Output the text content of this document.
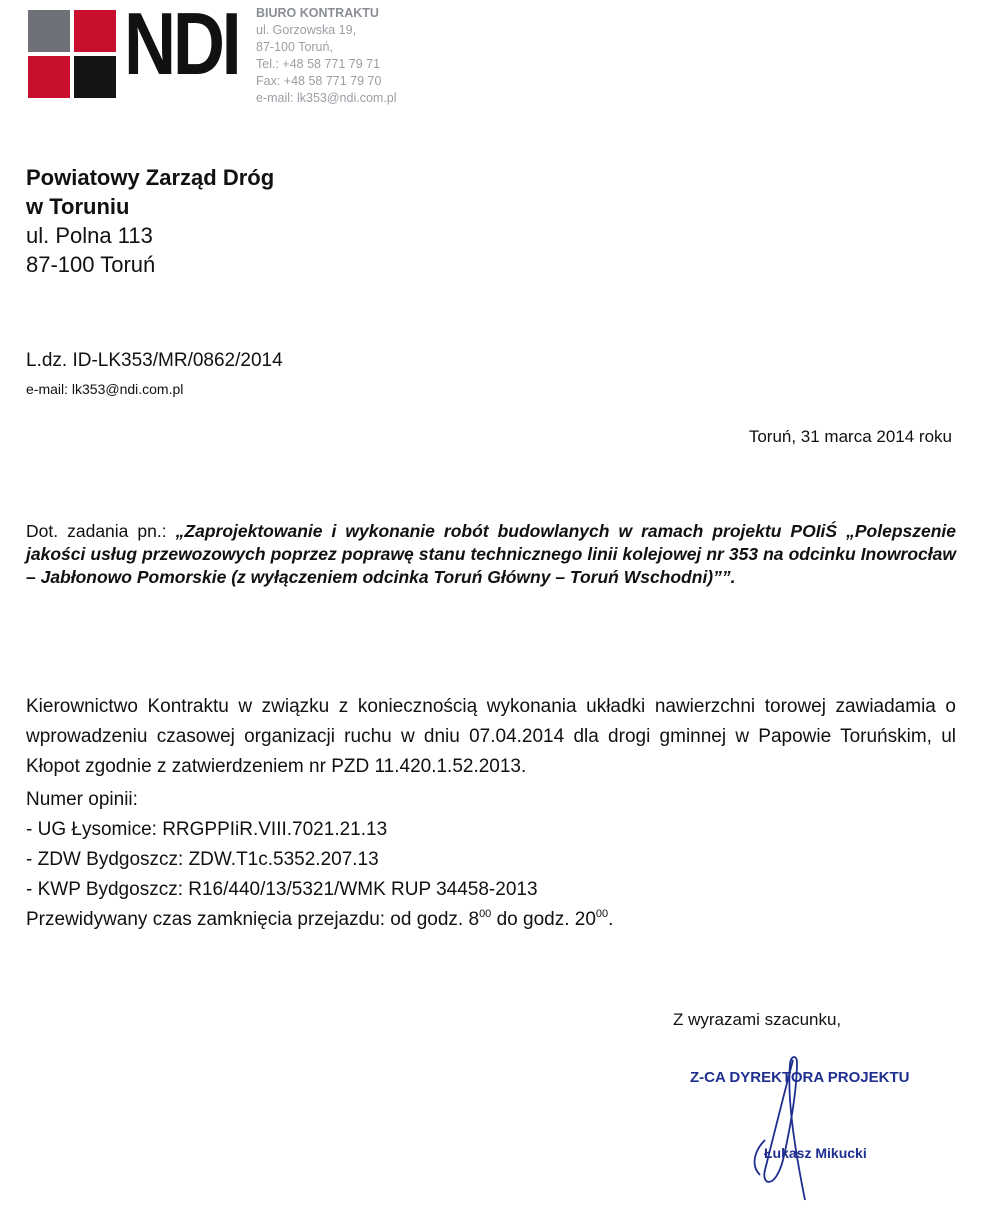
NDI BIURO KONTRAKTU
ul. Gorzowska 19,
87-100 Toruń,
Tel.: +48 58 771 79 71
Fax: +48 58 771 79 70
e-mail: lk353@ndi.com.pl
Powiatowy Zarząd Dróg
w Toruniu
ul. Polna 113
87-100 Toruń
L.dz. ID-LK353/MR/0862/2014
e-mail: lk353@ndi.com.pl
Toruń, 31 marca 2014 roku
Dot. zadania pn.: „Zaprojektowanie i wykonanie robót budowlanych w ramach projektu POIiŚ „Polepszenie jakości usług przewozowych poprzez poprawę stanu technicznego linii kolejowej nr 353 na odcinku Inowrocław – Jabłonowo Pomorskie (z wyłączeniem odcinka Toruń Główny – Toruń Wschodni)””.
Kierownictwo Kontraktu w związku z koniecznością wykonania układki nawierzchni torowej zawiadamia o wprowadzeniu czasowej organizacji ruchu w dniu 07.04.2014 dla drogi gminnej w Papowie Toruńskim, ul Kłopot zgodnie z zatwierdzeniem nr PZD 11.420.1.52.2013.
Numer opinii:
- UG Łysomice: RRGPPIiR.VIII.7021.21.13
- ZDW Bydgoszcz: ZDW.T1c.5352.207.13
- KWP Bydgoszcz: R16/440/13/5321/WMK RUP 34458-2013
Przewidywany czas zamknięcia przejazdu: od godz. $8^{00}$ do godz. $20^{00}$.
Z wyrazami szacunku,
Z-CA DYREKTORA PROJEKTU
Łukasz Mikucki
